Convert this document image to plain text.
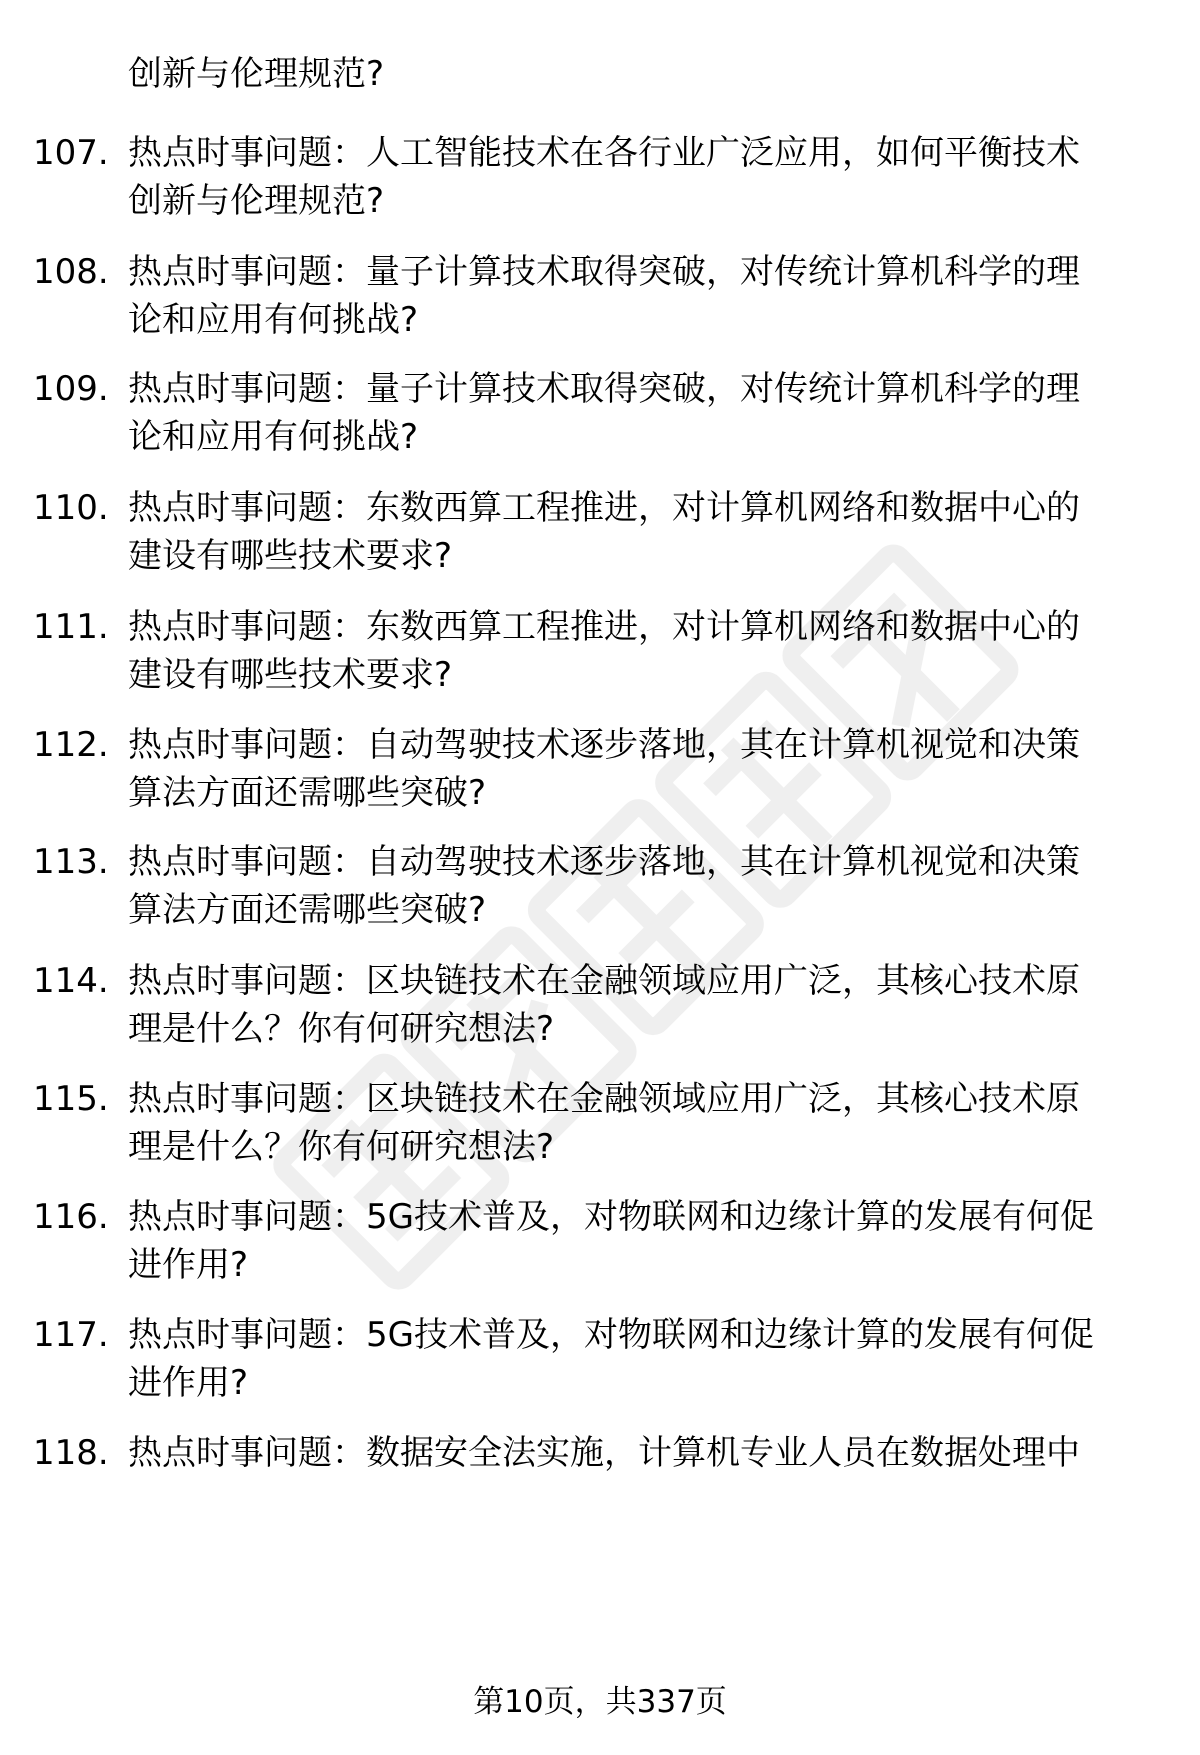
创新与伦理规范?
107. 热点时事问题：人工智能技术在各行业广泛应用，如何平衡技术
创新与伦理规范?
108. 热点时事问题：量子计算技术取得突破，对传统计算机科学的理
论和应用有何挑战?
109. 热点时事问题：量子计算技术取得突破，对传统计算机科学的理
论和应用有何挑战?
110. 热点时事问题：东数西算工程推进，对计算机网络和数据中心的
建设有哪些技术要求?
111. 热点时事问题：东数西算工程推进，对计算机网络和数据中心的
建设有哪些技术要求?
112. 热点时事问题：自动驾驶技术逐步落地，其在计算机视觉和决策
算法方面还需哪些突破?
113. 热点时事问题：自动驾驶技术逐步落地，其在计算机视觉和决策
算法方面还需哪些突破?
114. 热点时事问题：区块链技术在金融领域应用广泛，其核心技术原
理是什么？你有何研究想法?
115. 热点时事问题：区块链技术在金融领域应用广泛，其核心技术原
理是什么？你有何研究想法?
116. 热点时事问题：5G技术普及，对物联网和边缘计算的发展有何促
进作用?
117. 热点时事问题：5G技术普及，对物联网和边缘计算的发展有何促
进作用?
118. 热点时事问题：数据安全法实施，计算机专业人员在数据处理中
第10页，共337页
